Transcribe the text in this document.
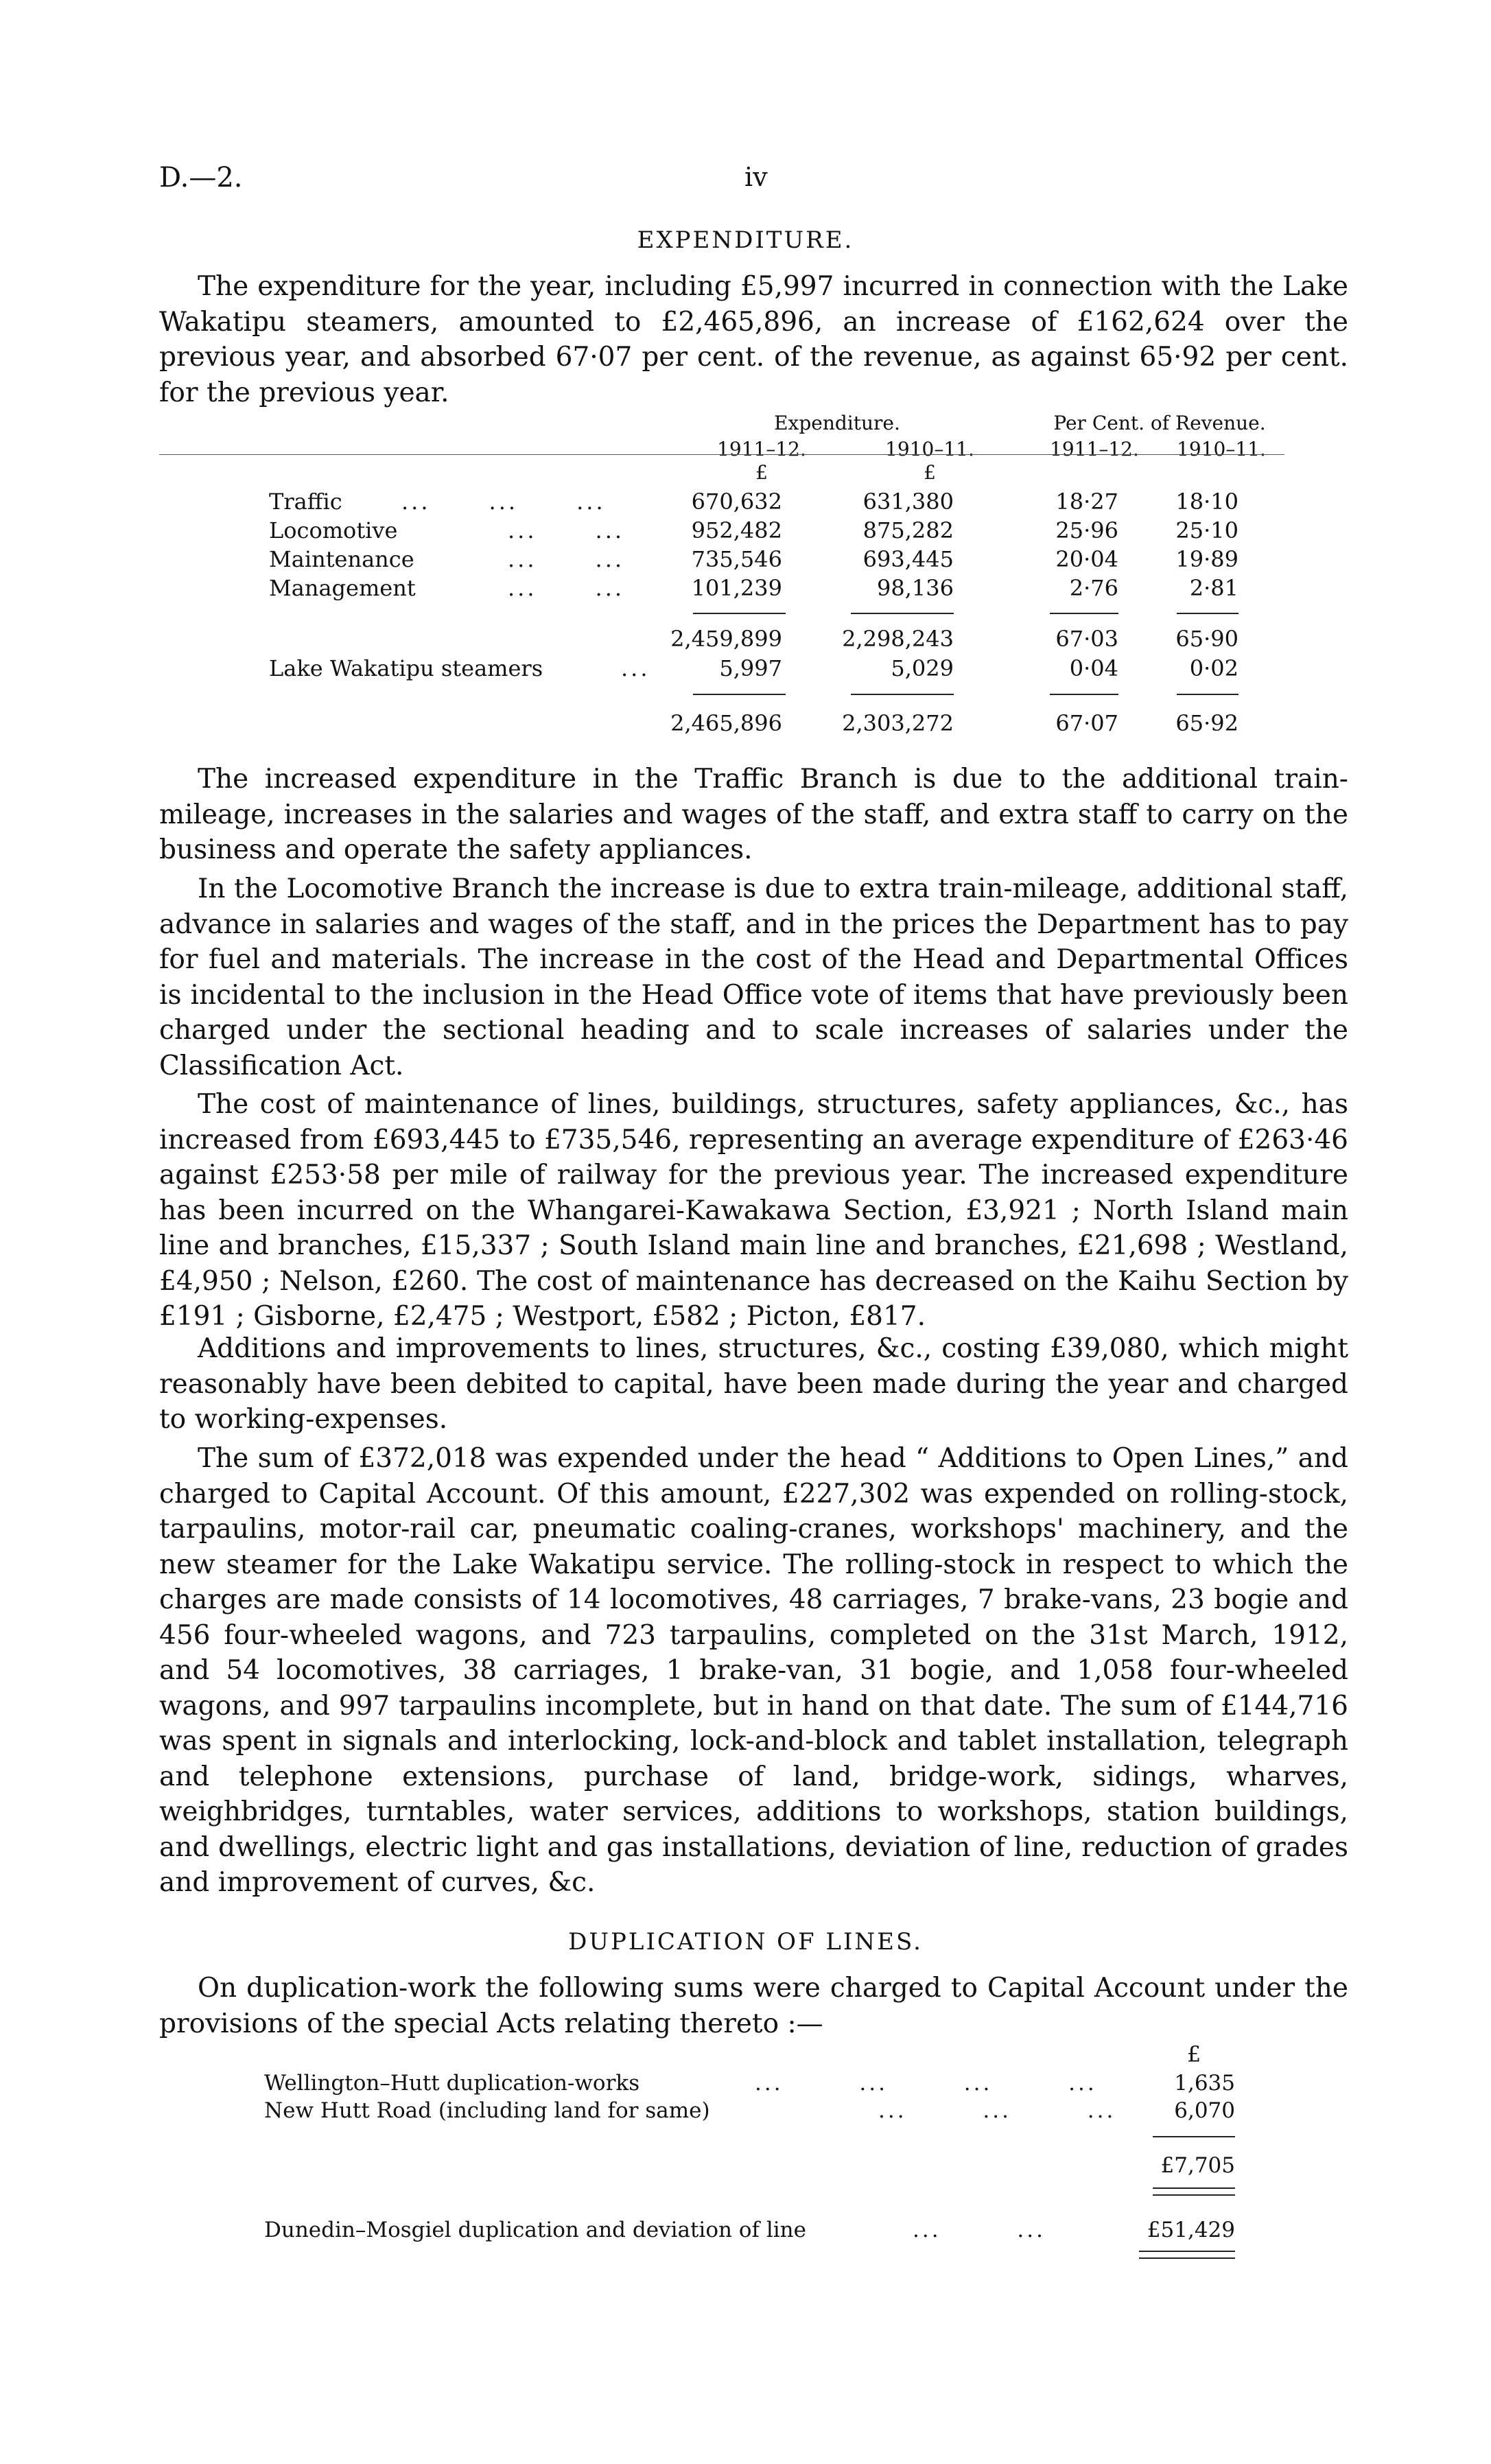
D.—2.	iv
EXPENDITURE.

The expenditure for the year, including £5,997 incurred in connection with the Lake Wakatipu steamers, amounted to £2,465,896, an increase of £162,624 over the previous year, and absorbed 67·07 per cent. of the revenue, as against 65·92 per cent. for the previous year.

Expenditure.	Per Cent. of Revenue.
1911–12.	1910–11.	1911–12.	1910–11.
£	£
Traffic	...      ...      ...	670,632	631,380	18·27	18·10
Locomotive	...      ...	952,482	875,282	25·96	25·10
Maintenance	...      ...	735,546	693,445	20·04	19·89
Management	...      ...	101,239	98,136	2·76	2·81
2,459,899	2,298,243	67·03	65·90
Lake Wakatipu steamers	...	5,997	5,029	0·04	0·02
2,465,896	2,303,272	67·07	65·92

The increased expenditure in the Traffic Branch is due to the additional train-mileage, increases in the salaries and wages of the staff, and extra staff to carry on the business and operate the safety appliances.

In the Locomotive Branch the increase is due to extra train-mileage, additional staff, advance in salaries and wages of the staff, and in the prices the Department has to pay for fuel and materials. The increase in the cost of the Head and Departmental Offices is incidental to the inclusion in the Head Office vote of items that have previously been charged under the sectional heading and to scale increases of salaries under the Classification Act.

The cost of maintenance of lines, buildings, structures, safety appliances, &c., has increased from £693,445 to £735,546, representing an average expenditure of £263·46 against £253·58 per mile of railway for the previous year. The increased expenditure has been incurred on the Whangarei-Kawakawa Section, £3,921 ; North Island main line and branches, £15,337 ; South Island main line and branches, £21,698 ; Westland, £4,950 ; Nelson, £260. The cost of maintenance has decreased on the Kaihu Section by £191 ; Gisborne, £2,475 ; Westport, £582 ; Picton, £817.

Additions and improvements to lines, structures, &c., costing £39,080, which might reasonably have been debited to capital, have been made during the year and charged to working-expenses.

The sum of £372,018 was expended under the head “ Additions to Open Lines,” and charged to Capital Account. Of this amount, £227,302 was expended on rolling-stock, tarpaulins, motor-rail car, pneumatic coaling-cranes, workshops' machinery, and the new steamer for the Lake Wakatipu service. The rolling-stock in respect to which the charges are made consists of 14 locomotives, 48 carriages, 7 brake-vans, 23 bogie and 456 four-wheeled wagons, and 723 tarpaulins, completed on the 31st March, 1912, and 54 locomotives, 38 carriages, 1 brake-van, 31 bogie, and 1,058 four-wheeled wagons, and 997 tarpaulins incomplete, but in hand on that date. The sum of £144,716 was spent in signals and interlocking, lock-and-block and tablet installation, telegraph and telephone extensions, purchase of land, bridge-work, sidings, wharves, weighbridges, turntables, water services, additions to workshops, station buildings, and dwellings, electric light and gas installations, deviation of line, reduction of grades and improvement of curves, &c.

DUPLICATION OF LINES.

On duplication-work the following sums were charged to Capital Account under the provisions of the special Acts relating thereto :—

£
Wellington–Hutt duplication-works	...        ...        ...        ...	1,635
New Hutt Road (including land for same)	...        ...        ...	6,070
£7,705
Dunedin–Mosgiel duplication and deviation of line	...        ...	£51,429
